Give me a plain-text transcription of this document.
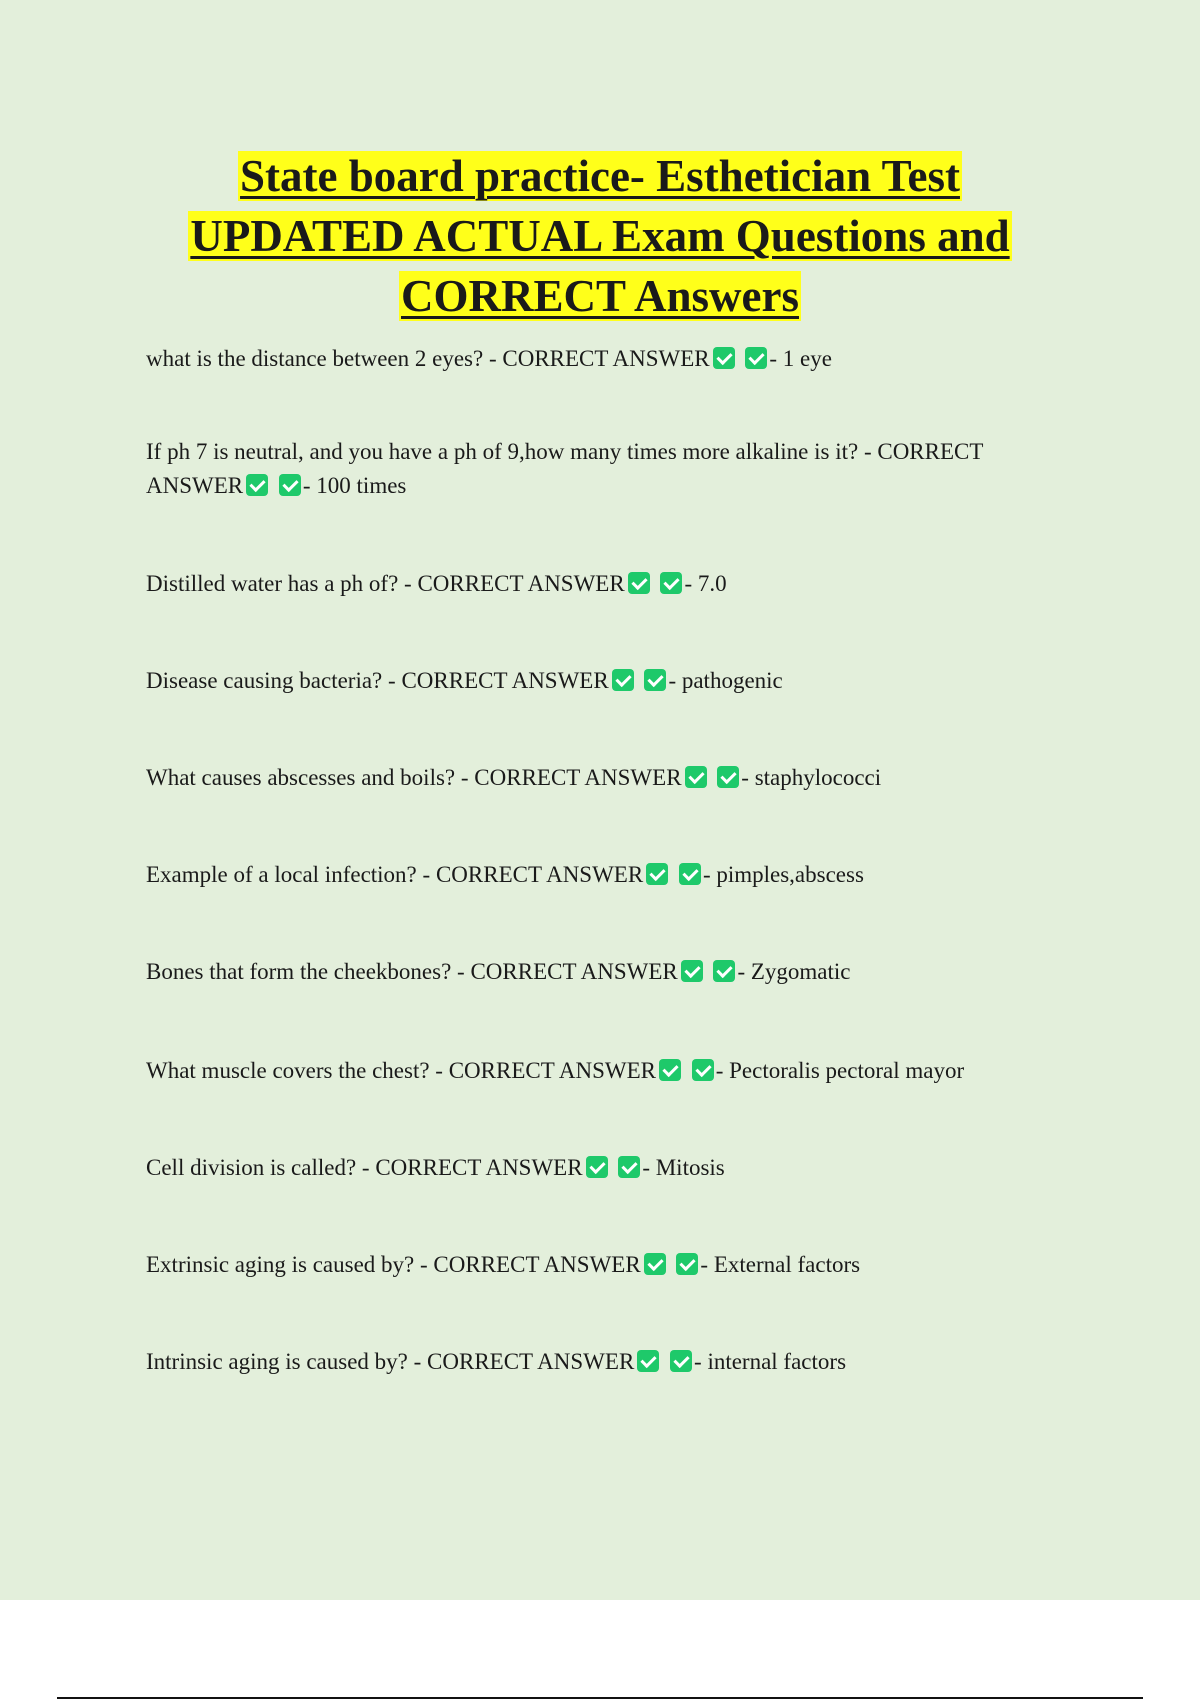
State board practice- Esthetician Test
UPDATED ACTUAL Exam Questions and
CORRECT Answers

what is the distance between 2 eyes? - CORRECT ANSWER	- 1 eye

If ph 7 is neutral, and you have a ph of 9,how many times more alkaline is it? - CORRECT ANSWER	- 100 times

Distilled water has a ph of? - CORRECT ANSWER	- 7.0

Disease causing bacteria? - CORRECT ANSWER	- pathogenic

What causes abscesses and boils? - CORRECT ANSWER	- staphylococci

Example of a local infection? - CORRECT ANSWER	- pimples,abscess

Bones that form the cheekbones? - CORRECT ANSWER	- Zygomatic

What muscle covers the chest? - CORRECT ANSWER	- Pectoralis pectoral mayor

Cell division is called? - CORRECT ANSWER	- Mitosis

Extrinsic aging is caused by? - CORRECT ANSWER	- External factors

Intrinsic aging is caused by? - CORRECT ANSWER	- internal factors
